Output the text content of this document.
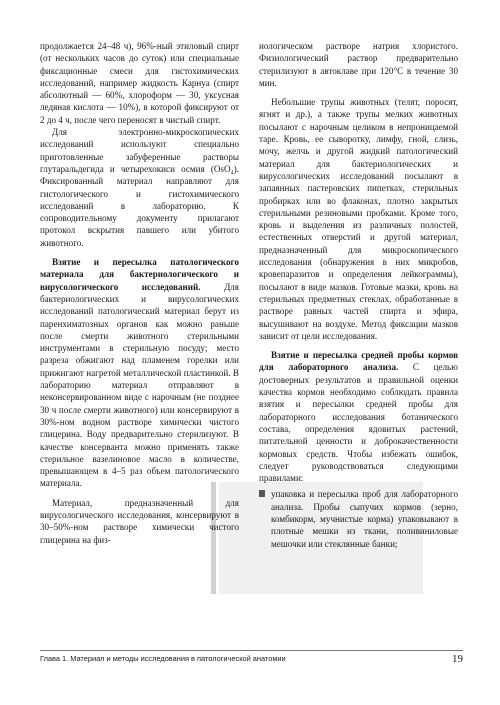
продолжается 24–48 ч), 96%-ный этиловый спирт (от нескольких часов до суток) или специальные фиксационные смеси для гистохимических исследований, например жидкость Карнуа (спирт абсолютный — 60%, хлороформ — 30, уксусная ледяная кислота — 10%), в которой фиксируют от 2 до 4 ч, после чего переносят в чистый спирт.

Для электронно-микроскопических исследований используют специально приготовленные забуференные растворы глутаральдегида и четырехокиси осмия (OsO₄). Фиксированный материал направляют для гистологического и гистохимического исследований в лабораторию. К сопроводительному документу прилагают протокол вскрытия павшего или убитого животного.

Взятие и пересылка патологического материала для бактериологического и вирусологического исследований.	Для бактериологических и вирусологических исследований патологический материал берут из паренхиматозных органов как можно раньше после смерти животного стерильными инструментами в стерильную посуду; место разреза обжигают над пламенем горелки или прижигают нагретой металлической пластинкой. В лабораторию материал отправляют в неконсервированном виде с нарочным (не позднее 30 ч после смерти животного) или консервируют в 30%-ном водном растворе химически чистого глицерина. Воду предварительно стерилизуют. В качестве консерванта можно применять также стерильное вазелиновое масло в количестве, превышающем в 4–5 раз объем патологического материала.

Материал, предназначенный для вирусологического исследования, консервируют в 30–50%-ном растворе химически чистого глицерина на физ-

иологическом растворе натрия хлористого. Физиологический раствор предварительно стерилизуют в автоклаве при 120°С в течение 30 мин.

Небольшие трупы животных (телят, поросят, ягнят и др.), а также трупы мелких животных посылают с нарочным целиком в непроницаемой таре. Кровь, ее сыворотку, лимфу, гной, слизь, мочу, желчь и другой жидкий патологический материал для бактериологических и вирусологических исследований посылают в запаянных пастеровских пипетках, стерильных пробирках или во флаконах, плотно закрытых стерильными резиновыми пробками. Кроме того, кровь и выделения из различных полостей, естественных отверстий и другой материал, предназначенный для микроскопического исследования (обнаружения в них микробов, кровепаразитов и определения лейкограммы), посылают в виде мазков. Готовые мазки, кровь на стерильных предметных стеклах, обработанные в растворе равных частей спирта и эфира, высушивают на воздухе. Метод фиксации мазков зависит от цели исследования.

Взятие и пересылка средней пробы кормов для лабораторного анализа. С целью достоверных результатов и правильной оценки качества кормов необходимо соблюдать правила взятия и пересылки средней пробы для лабораторного исследования ботанического состава, определения ядовитых растений, питательной ценности и доброкачественности кормовых средств. Чтобы избежать ошибок, следует руководствоваться следующими правилами:

упаковка и пересылка проб для лабораторного анализа. Пробы сыпучих кормов (зерно, комбикорм, мучнистые корма) упаковывают в плотные мешки из ткани, поливиниловые мешочки или стеклянные банки;

Глава 1. Материал и методы исследования в патологической анатомии	19
